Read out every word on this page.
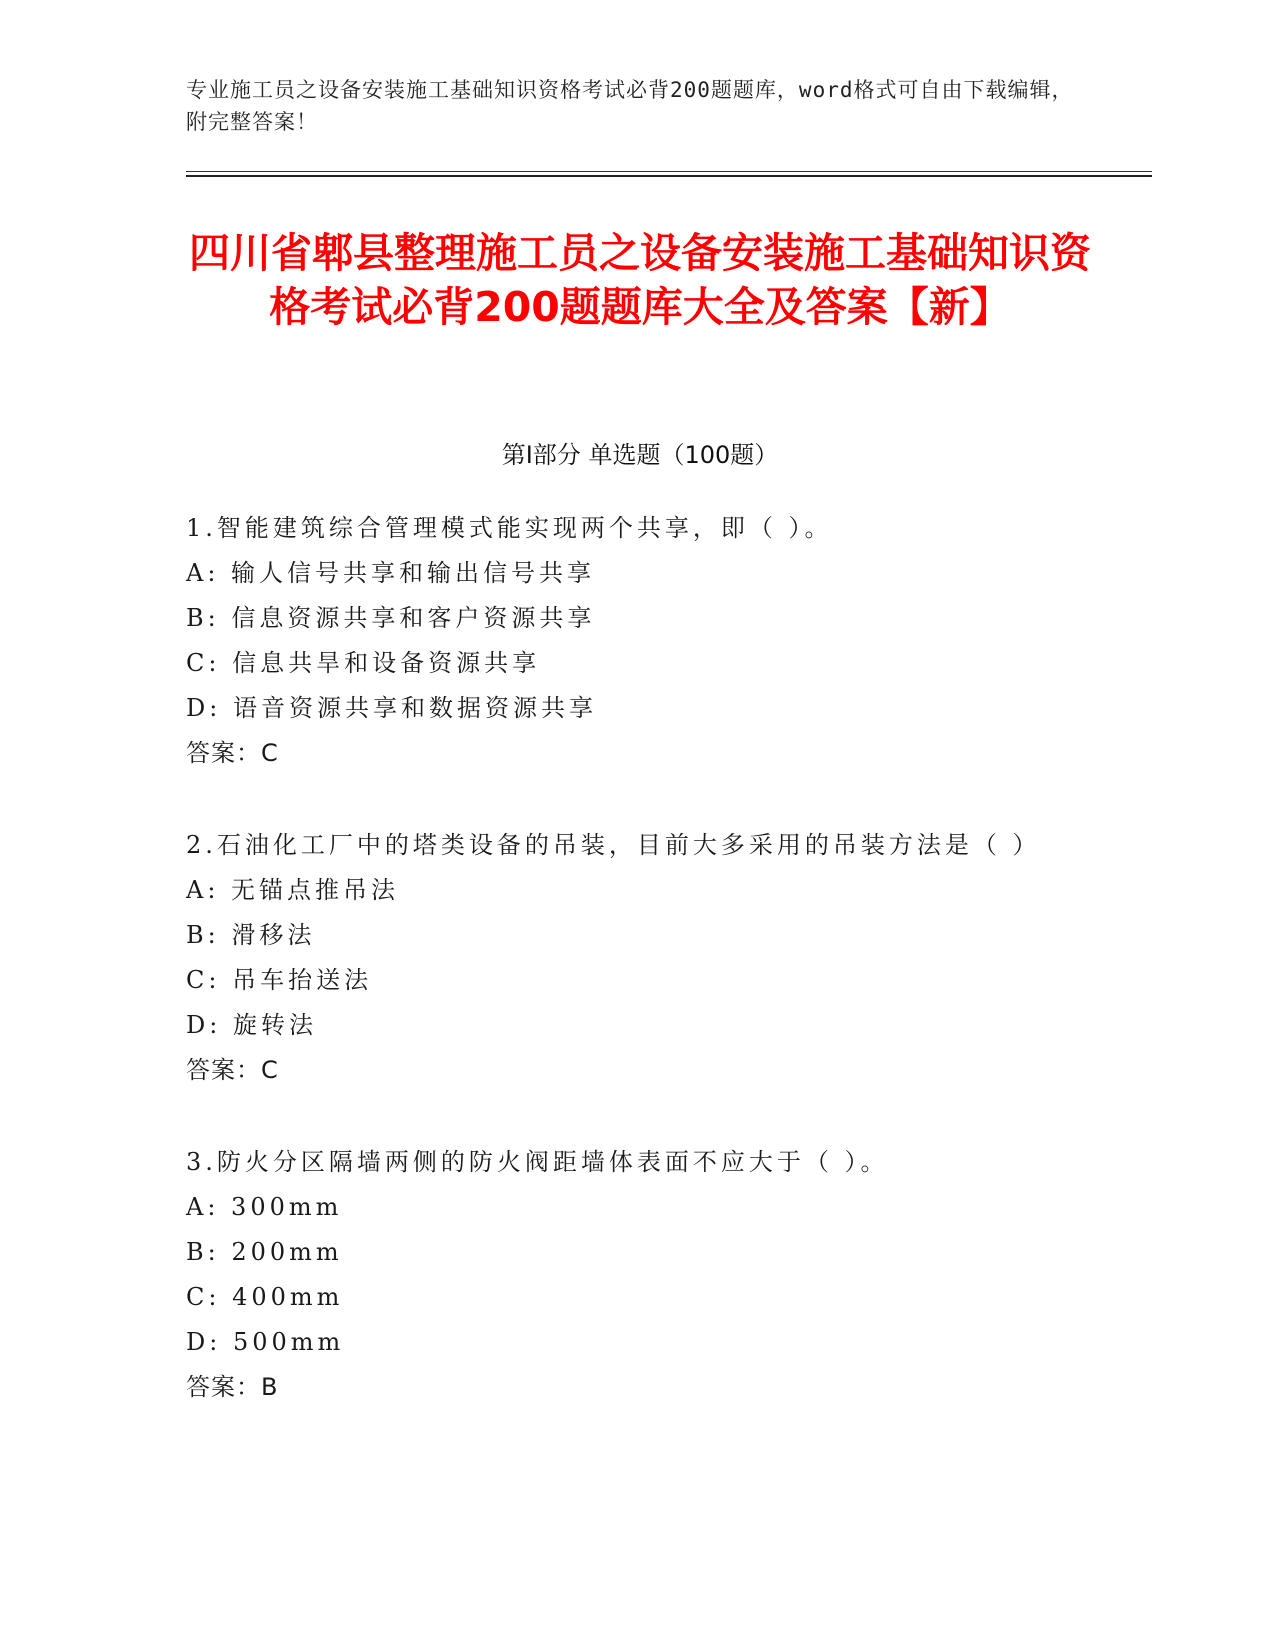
专业施工员之设备安装施工基础知识资格考试必背200题题库，word格式可自由下载编辑，附完整答案！
四川省郫县整理施工员之设备安装施工基础知识资格考试必背200题题库大全及答案【新】
第I部分 单选题（100题）
1.智能建筑综合管理模式能实现两个共享，即（ ）。
A: 输人信号共享和输出信号共享
B: 信息资源共享和客户资源共享
C: 信息共旱和设备资源共享
D: 语音资源共享和数据资源共享
答案：C
2.石油化工厂中的塔类设备的吊装，目前大多采用的吊装方法是（ ）
A: 无锚点推吊法
B: 滑移法
C: 吊车抬送法
D: 旋转法
答案：C
3.防火分区隔墙两侧的防火阀距墙体表面不应大于（ ）。
A: 300mm
B: 200mm
C: 400mm
D: 500mm
答案：B
